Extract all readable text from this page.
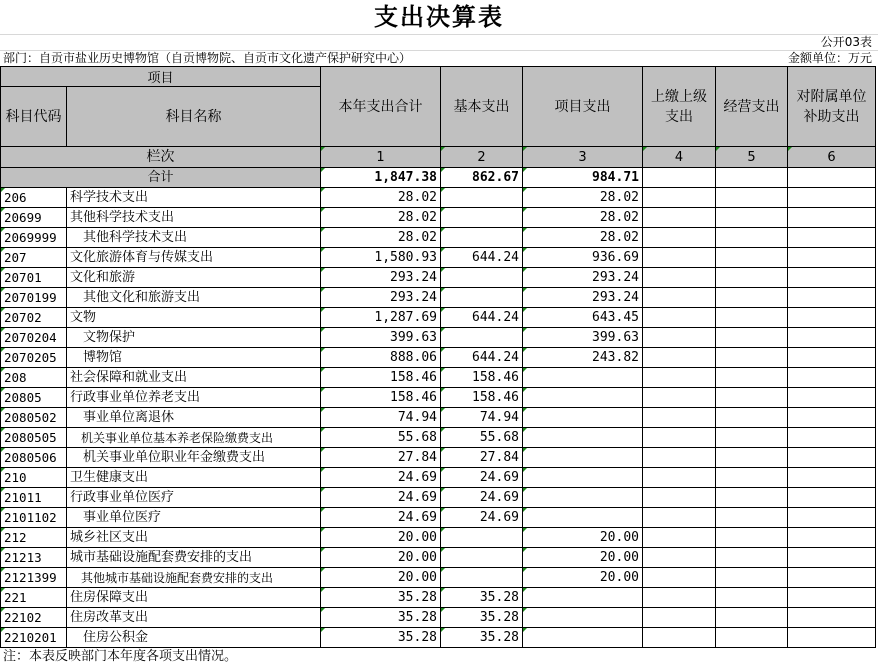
支出决算表
公开03表
部门：自贡市盐业历史博物馆（自贡博物院、自贡市文化遗产保护研究中心）	金额单位：万元
项目		本年支出合计	基本支出	项目支出	上缴上级支出	经营支出	对附属单位补助支出
科目代码	科目名称						

栏次		1	2	3	4	5	6
合计		1,847.38	862.67	984.71			
206	科学技术支出	28.02		28.02			
20699	其他科学技术支出	28.02		28.02			
2069999	其他科学技术支出	28.02		28.02			
207	文化旅游体育与传媒支出	1,580.93	644.24	936.69			
20701	文化和旅游	293.24		293.24			
2070199	其他文化和旅游支出	293.24		293.24			
20702	文物	1,287.69	644.24	643.45			
2070204	文物保护	399.63		399.63			
2070205	博物馆	888.06	644.24	243.82			
208	社会保障和就业支出	158.46	158.46				
20805	行政事业单位养老支出	158.46	158.46				
2080502	事业单位离退休	74.94	74.94				
2080505	机关事业单位基本养老保险缴费支出	55.68	55.68				
2080506	机关事业单位职业年金缴费支出	27.84	27.84				
210	卫生健康支出	24.69	24.69				
21011	行政事业单位医疗	24.69	24.69				
2101102	事业单位医疗	24.69	24.69				
212	城乡社区支出	20.00		20.00			
21213	城市基础设施配套费安排的支出	20.00		20.00			
2121399	其他城市基础设施配套费安排的支出	20.00		20.00			
221	住房保障支出	35.28	35.28				
22102	住房改革支出	35.28	35.28				
2210201	住房公积金	35.28	35.28				
注：本表反映部门本年度各项支出情况。
